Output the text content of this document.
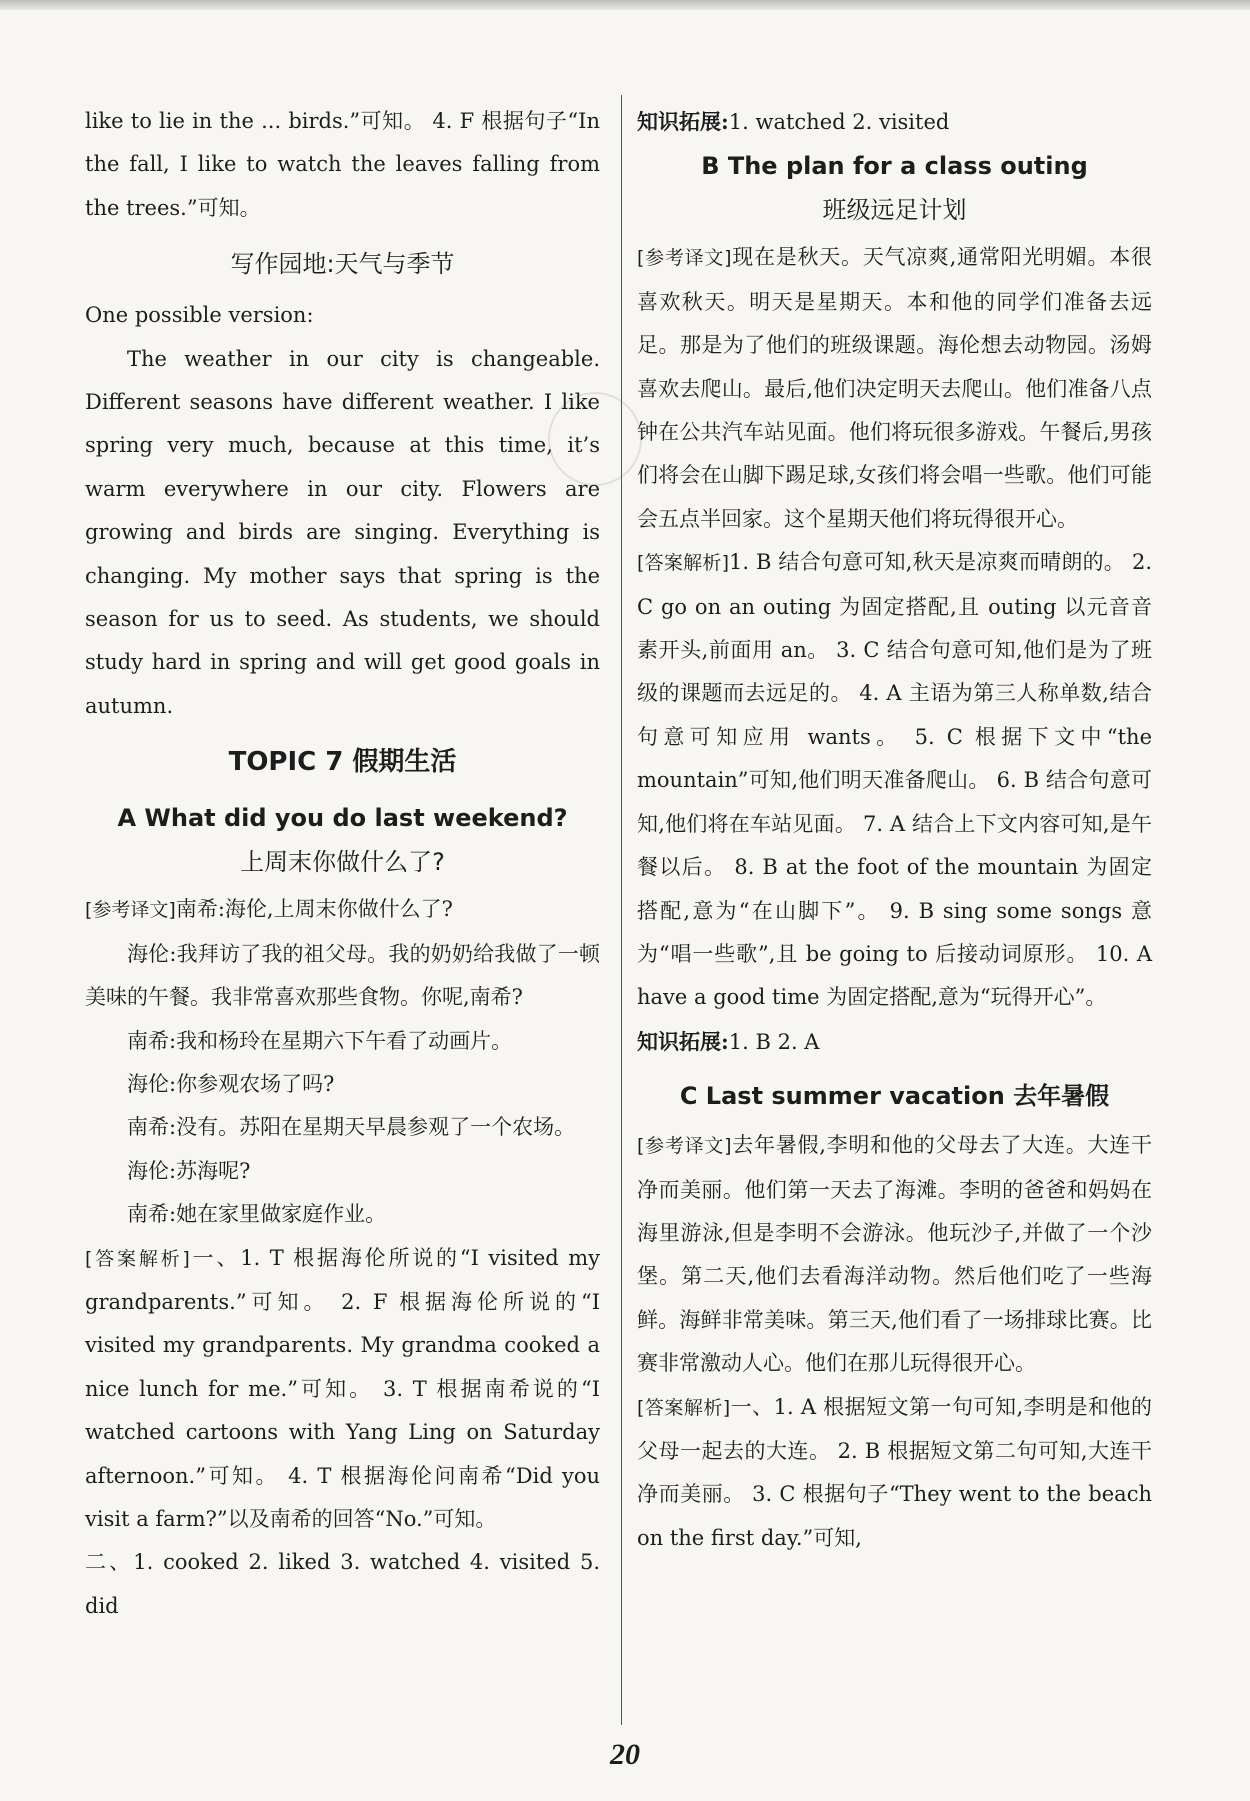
like to lie in the ... birds.”可知。 4. F 根据句子“In the fall, I like to watch the leaves falling from the trees.”可知。

写作园地:天气与季节

One possible version:

The weather in our city is changeable. Different seasons have different weather. I like spring very much, because at this time, it’s warm everywhere in our city. Flowers are growing and birds are singing. Everything is changing. My mother says that spring is the season for us to seed. As students, we should study hard in spring and will get good goals in autumn.

TOPIC 7 假期生活
A What did you do last weekend?
上周末你做什么了?

[参考译文]南希:海伦,上周末你做什么了?

海伦:我拜访了我的祖父母。我的奶奶给我做了一顿美味的午餐。我非常喜欢那些食物。你呢,南希?

南希:我和杨玲在星期六下午看了动画片。

海伦:你参观农场了吗?

南希:没有。苏阳在星期天早晨参观了一个农场。

海伦:苏海呢?

南希:她在家里做家庭作业。

[答案解析]一、1. T 根据海伦所说的“I visited my grandparents.”可知。 2. F 根据海伦所说的“I visited my grandparents. My grandma cooked a nice lunch for me.”可知。 3. T 根据南希说的“I watched cartoons with Yang Ling on Saturday afternoon.”可知。 4. T 根据海伦问南希“Did you visit a farm?”以及南希的回答“No.”可知。

二、1. cooked 2. liked 3. watched 4. visited 5. did

知识拓展:1. watched 2. visited

B The plan for a class outing
班级远足计划

[参考译文]现在是秋天。天气凉爽,通常阳光明媚。本很喜欢秋天。明天是星期天。本和他的同学们准备去远足。那是为了他们的班级课题。海伦想去动物园。汤姆喜欢去爬山。最后,他们决定明天去爬山。他们准备八点钟在公共汽车站见面。他们将玩很多游戏。午餐后,男孩们将会在山脚下踢足球,女孩们将会唱一些歌。他们可能会五点半回家。这个星期天他们将玩得很开心。

[答案解析]1. B 结合句意可知,秋天是凉爽而晴朗的。 2. C go on an outing 为固定搭配,且 outing 以元音音素开头,前面用 an。 3. C 结合句意可知,他们是为了班级的课题而去远足的。 4. A 主语为第三人称单数,结合句意可知应用 wants。 5. C 根据下文中“the mountain”可知,他们明天准备爬山。 6. B 结合句意可知,他们将在车站见面。 7. A 结合上下文内容可知,是午餐以后。 8. B at the foot of the mountain 为固定搭配,意为“在山脚下”。 9. B sing some songs 意为“唱一些歌”,且 be going to 后接动词原形。 10. A have a good time 为固定搭配,意为“玩得开心”。

知识拓展:1. B 2. A

C Last summer vacation 去年暑假

[参考译文]去年暑假,李明和他的父母去了大连。大连干净而美丽。他们第一天去了海滩。李明的爸爸和妈妈在海里游泳,但是李明不会游泳。他玩沙子,并做了一个沙堡。第二天,他们去看海洋动物。然后他们吃了一些海鲜。海鲜非常美味。第三天,他们看了一场排球比赛。比赛非常激动人心。他们在那儿玩得很开心。

[答案解析]一、1. A 根据短文第一句可知,李明是和他的父母一起去的大连。 2. B 根据短文第二句可知,大连干净而美丽。 3. C 根据句子“They went to the beach on the first day.”可知,

20
